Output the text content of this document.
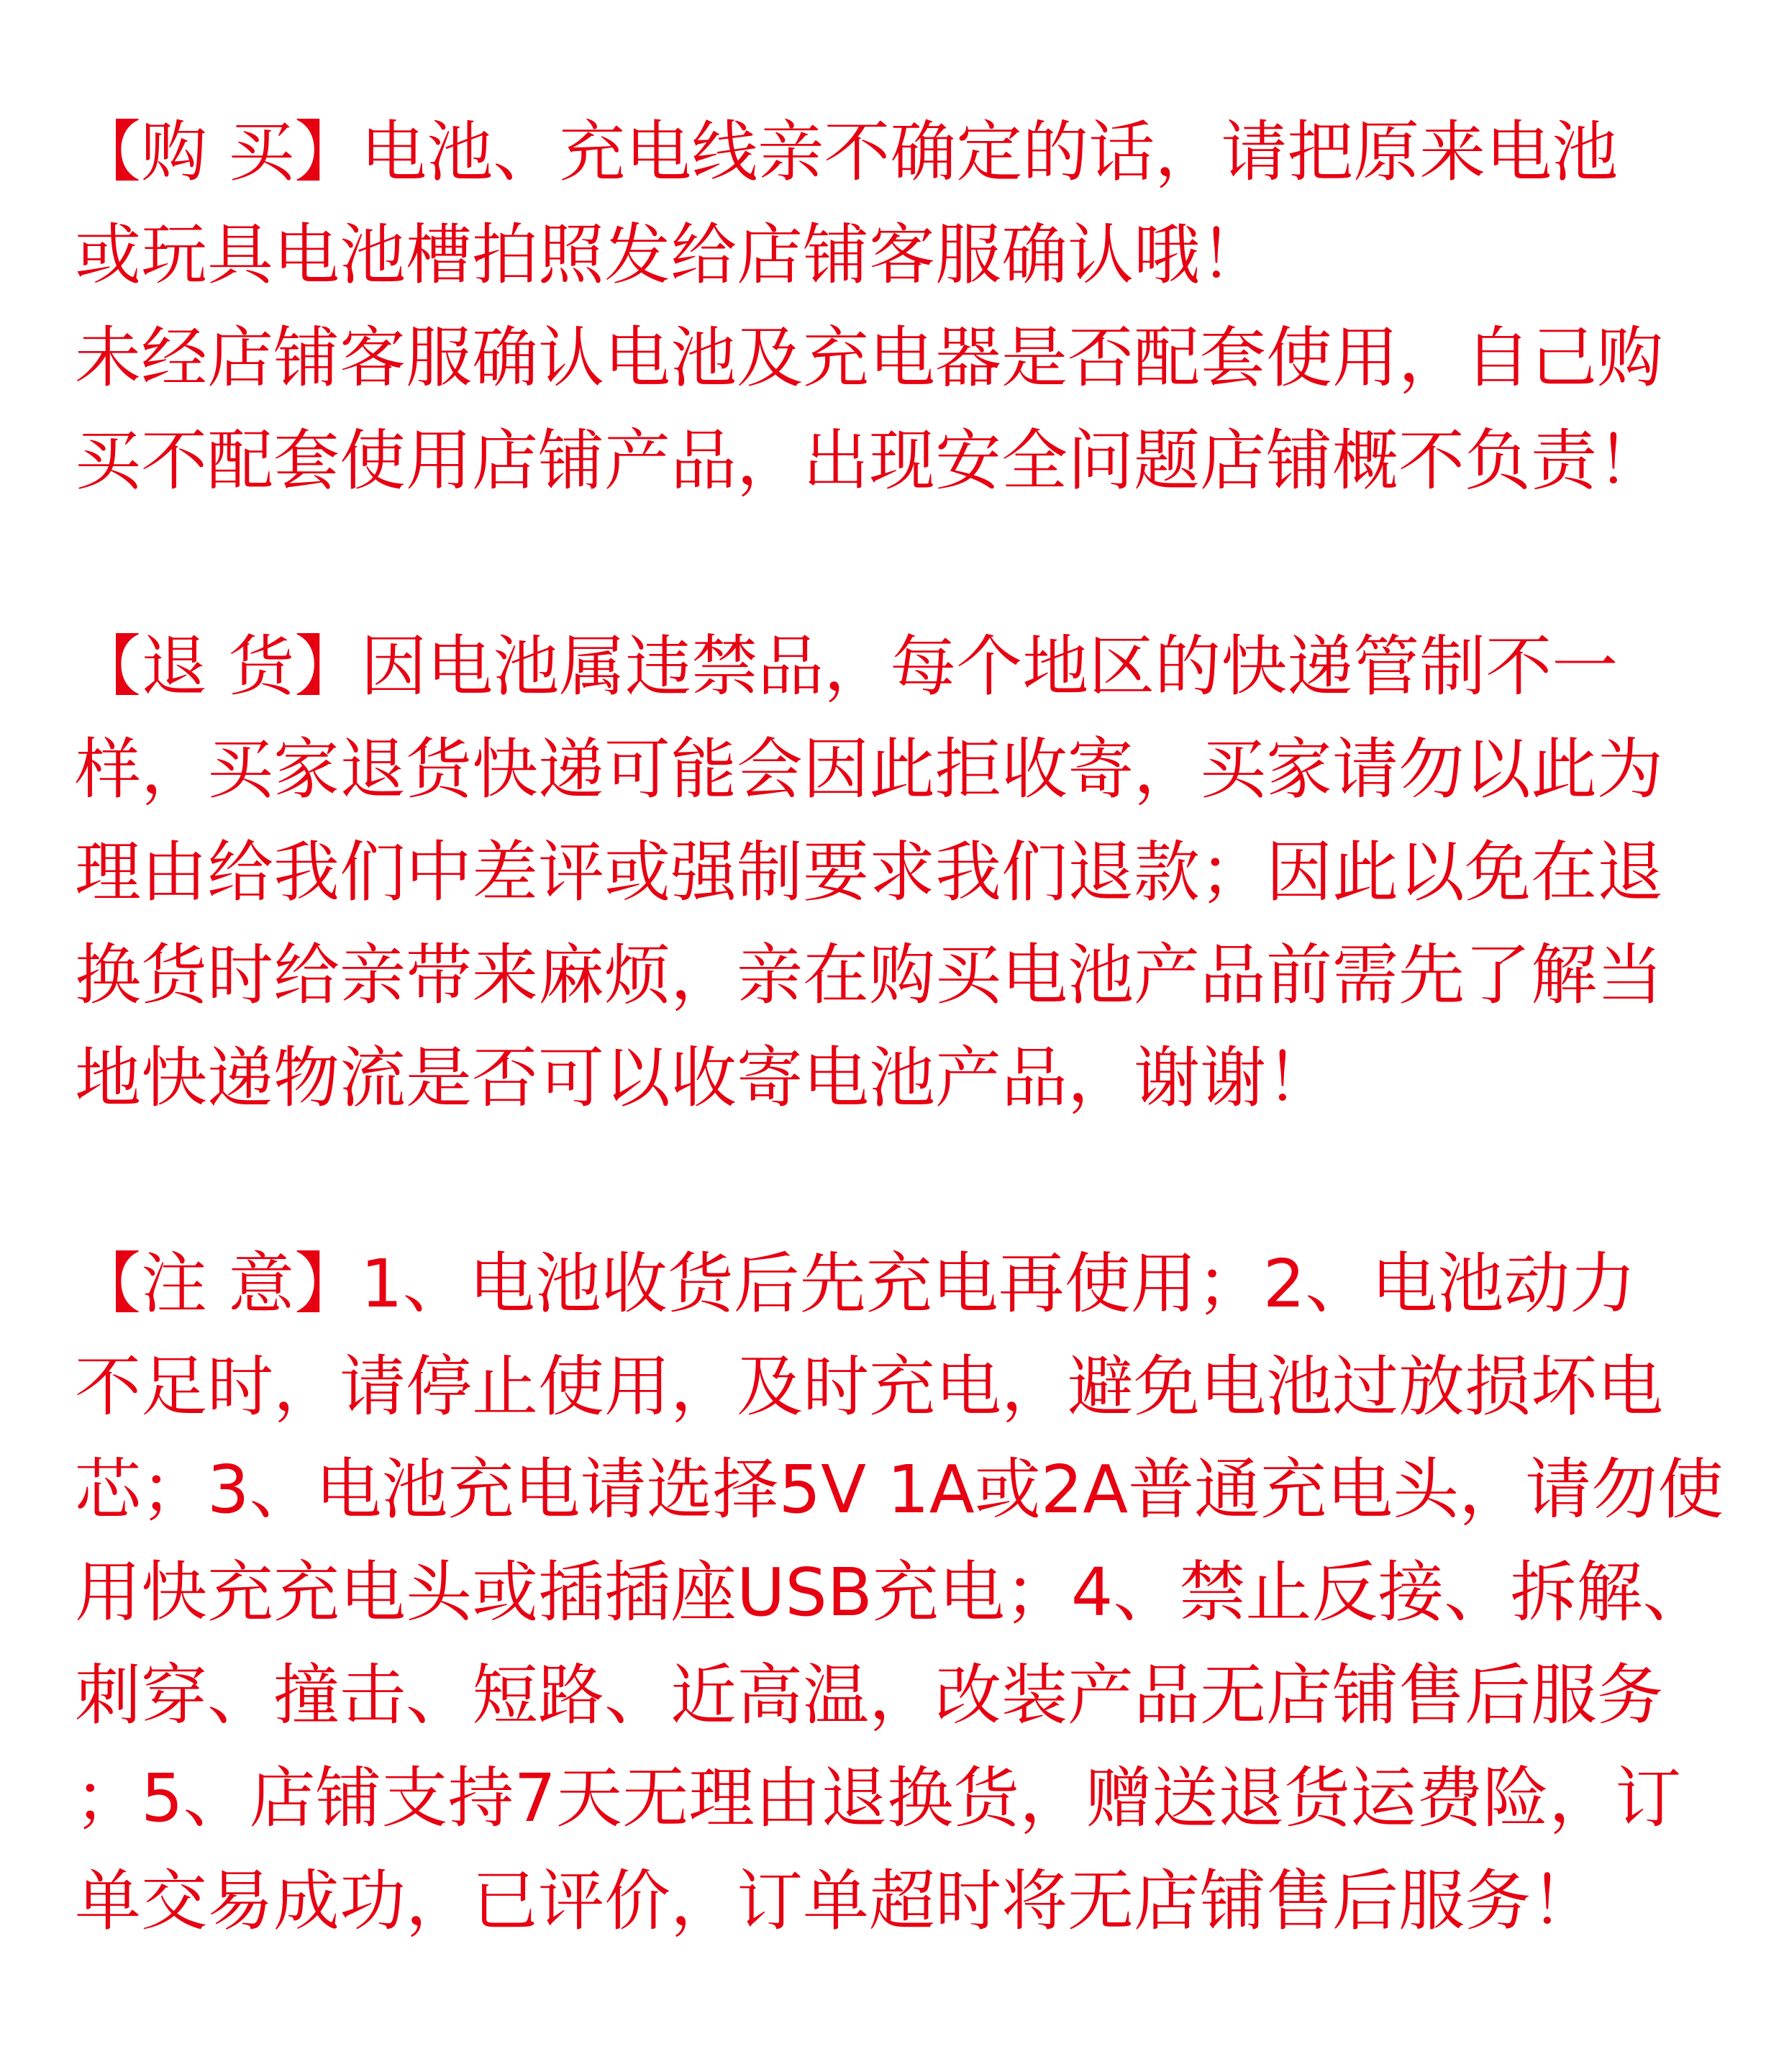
【购 买】电池、充电线亲不确定的话，请把原来电池
或玩具电池槽拍照发给店铺客服确认哦！
未经店铺客服确认电池及充电器是否配套使用，自己购
买不配套使用店铺产品，出现安全问题店铺概不负责！
【退 货】因电池属违禁品，每个地区的快递管制不一
样，买家退货快递可能会因此拒收寄，买家请勿以此为
理由给我们中差评或强制要求我们退款；因此以免在退
换货时给亲带来麻烦，亲在购买电池产品前需先了解当
地快递物流是否可以收寄电池产品，谢谢！
【注 意】1、电池收货后先充电再使用；2、电池动力
不足时，请停止使用，及时充电，避免电池过放损坏电
芯；3、电池充电请选择5V 1A或2A普通充电头，请勿使
用快充充电头或插插座USB充电；4、禁止反接、拆解、
刺穿、撞击、短路、近高温，改装产品无店铺售后服务
；5、店铺支持7天无理由退换货，赠送退货运费险，订
单交易成功，已评价，订单超时将无店铺售后服务！
